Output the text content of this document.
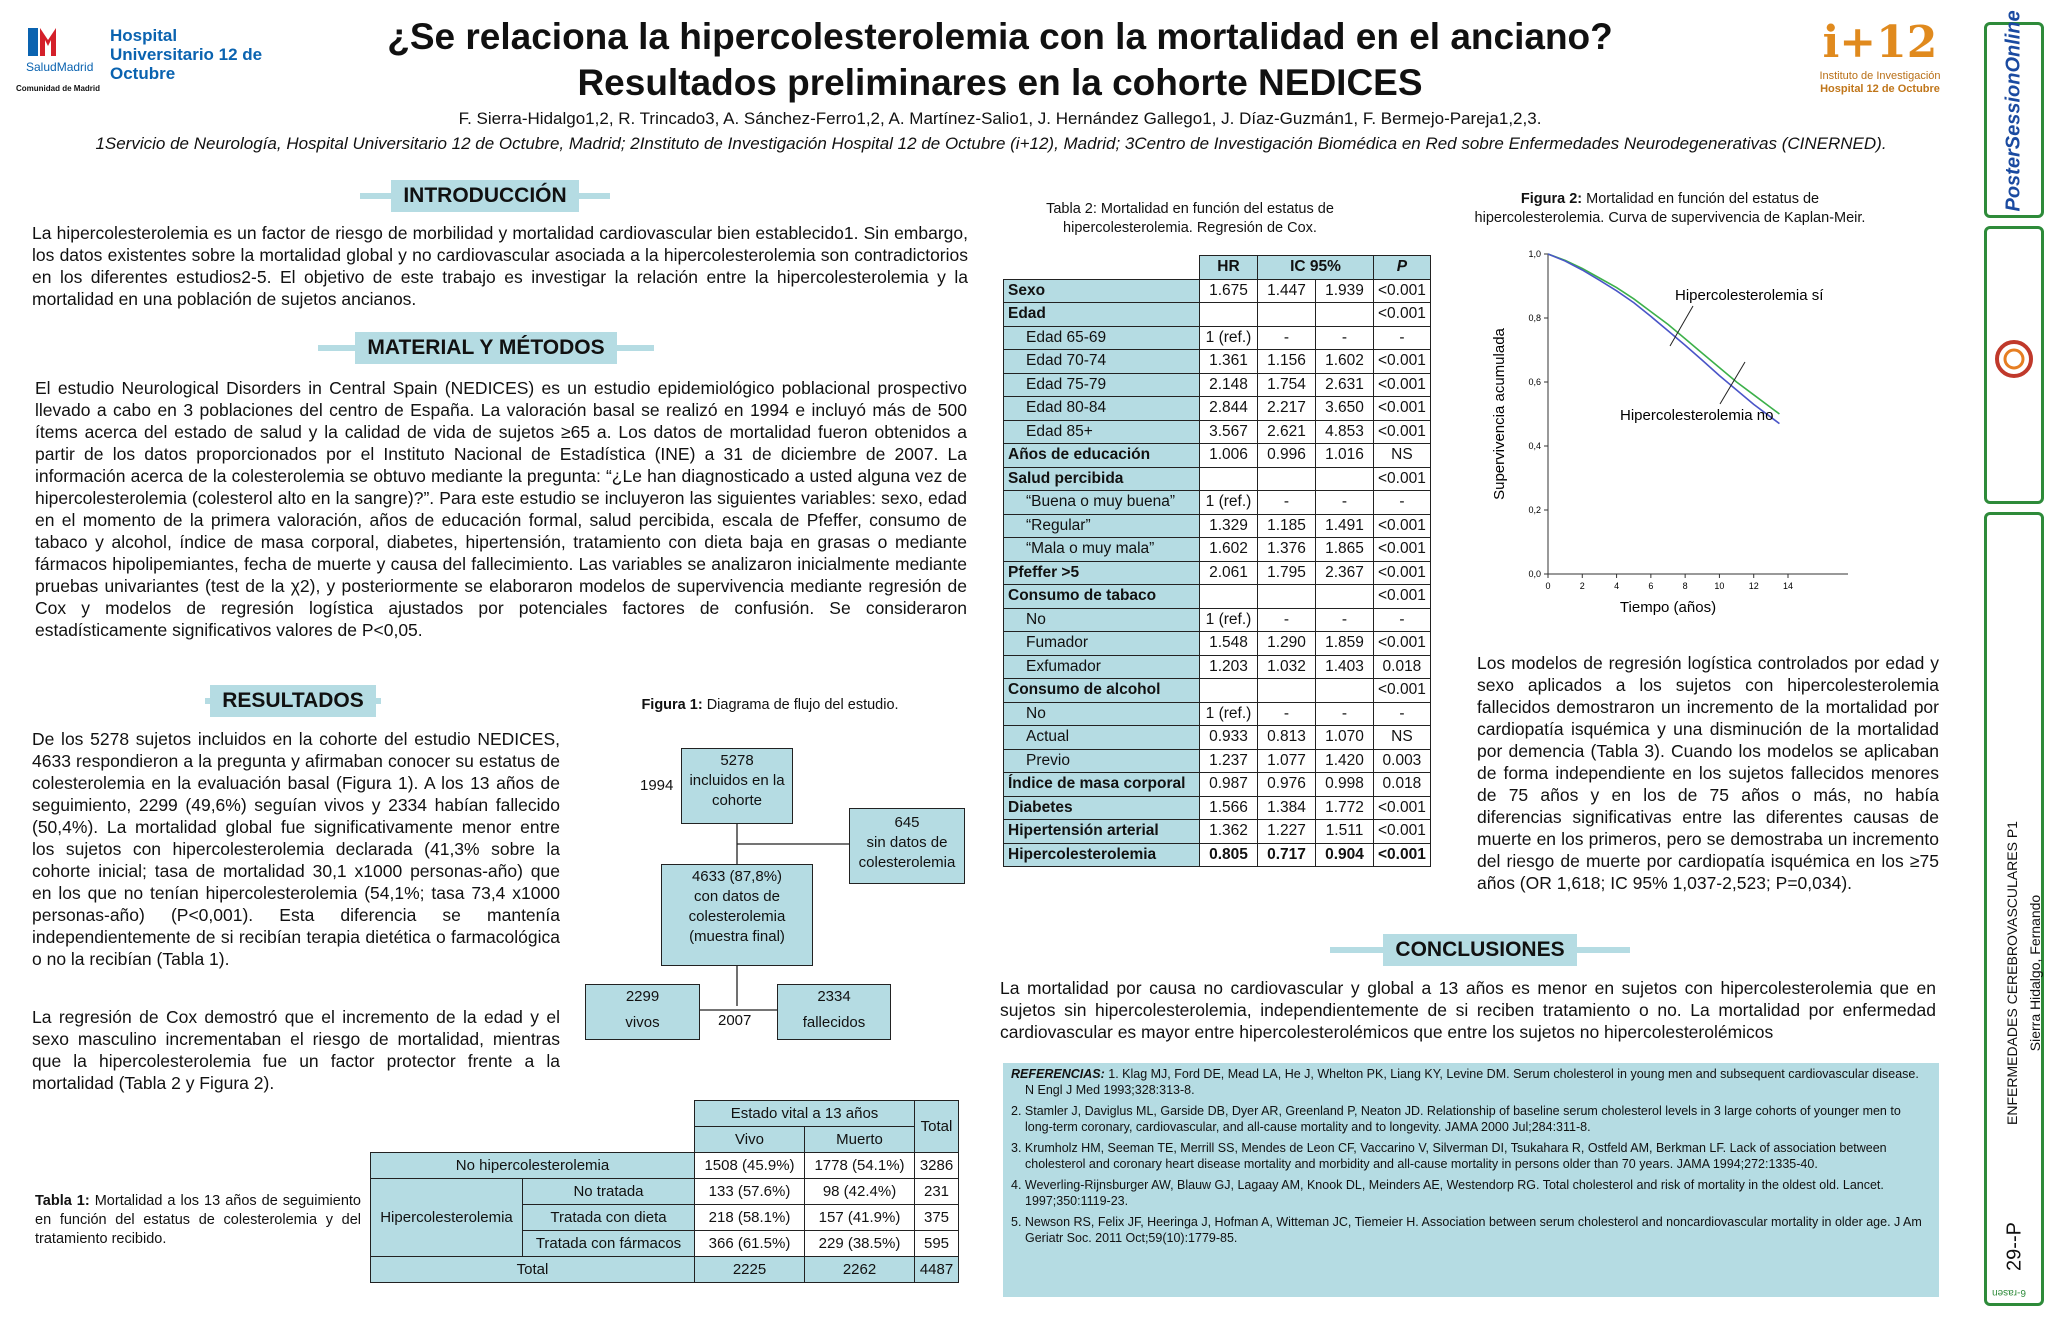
Hospital Universitario 12 de Octubre
SaludMadrid
Comunidad de Madrid
¿Se relaciona la hipercolesterolemia con la mortalidad en el anciano?
Resultados preliminares en la cohorte NEDICES
F. Sierra-Hidalgo1,2, R. Trincado3, A. Sánchez-Ferro1,2, A. Martínez-Salio1, J. Hernández Gallego1, J. Díaz-Guzmán1, F. Bermejo-Pareja1,2,3.
1Servicio de Neurología, Hospital Universitario 12 de Octubre, Madrid; 2Instituto de Investigación Hospital 12 de Octubre (i+12), Madrid; 3Centro de Investigación Biomédica en Red sobre Enfermedades Neurodegenerativas (CINERNED).
i+12
Instituto de Investigación
Hospital 12 de Octubre	PosterSessionOnline
ENFERMEDADES CEREBROVASCULARES P1 Sierra Hidalgo, Fernando
29--P
6-rasen
INTRODUCCIÓN
La hipercolesterolemia es un factor de riesgo de morbilidad y mortalidad cardiovascular bien establecido1. Sin embargo, los datos existentes sobre la mortalidad global y no cardiovascular asociada a la hipercolesterolemia son contradictorios en los diferentes estudios2-5. El objetivo de este trabajo es investigar la relación entre la hipercolesterolemia y la mortalidad en una población de sujetos ancianos.
MATERIAL Y MÉTODOS
El estudio Neurological Disorders in Central Spain (NEDICES) es un estudio epidemiológico poblacional prospectivo llevado a cabo en 3 poblaciones del centro de España. La valoración basal se realizó en 1994 e incluyó más de 500 ítems acerca del estado de salud y la calidad de vida de sujetos ≥65 a. Los datos de mortalidad fueron obtenidos a partir de los datos proporcionados por el Instituto Nacional de Estadística (INE) a 31 de diciembre de 2007. La información acerca de la colesterolemia se obtuvo mediante la pregunta: “¿Le han diagnosticado a usted alguna vez de hipercolesterolemia (colesterol alto en la sangre)?”. Para este estudio se incluyeron las siguientes variables: sexo, edad en el momento de la primera valoración, años de educación formal, salud percibida, escala de Pfeffer, consumo de tabaco y alcohol, índice de masa corporal, diabetes, hipertensión, tratamiento con dieta baja en grasas o mediante fármacos hipolipemiantes, fecha de muerte y causa del fallecimiento. Las variables se analizaron inicialmente mediante pruebas univariantes (test de la χ2), y posteriormente se elaboraron modelos de supervivencia mediante regresión de Cox y modelos de regresión logística ajustados por potenciales factores de confusión. Se consideraron estadísticamente significativos valores de P<0,05.
RESULTADOS
De los 5278 sujetos incluidos en la cohorte del estudio NEDICES, 4633 respondieron a la pregunta y afirmaban conocer su estatus de colesterolemia en la evaluación basal (Figura 1). A los 13 años de seguimiento, 2299 (49,6%) seguían vivos y 2334 habían fallecido (50,4%). La mortalidad global fue significativamente menor entre los sujetos con hipercolesterolemia declarada (41,3% sobre la cohorte inicial; tasa de mortalidad 30,1 x1000 personas-año) que en los que no tenían hipercolesterolemia (54,1%; tasa 73,4 x1000 personas-año) (P<0,001). Esta diferencia se mantenía independientemente de si recibían terapia dietética o farmacológica o no la recibían (Tabla 1).
La regresión de Cox demostró que el incremento de la edad y el sexo masculino incrementaban el riesgo de mortalidad, mientras que la hipercolesterolemia fue un factor protector frente a la mortalidad (Tabla 2 y Figura 2).
Figura 1: Diagrama de flujo del estudio.
1994
5278
incluidos en la cohorte
645
sin datos de colesterolemia
4633 (87,8%)
con datos de colesterolemia
(muestra final)
2299
vivos
2334
fallecidos
2007
Tabla 1: Mortalidad a los 13 años de seguimiento en función del estatus de colesterolemia y del tratamiento recibido.
		Estado vital a 13 años		Total
		Vivo	Muerto	
No hipercolesterolemia		1508 (45.9%)	1778 (54.1%)	3286
Hipercolesterolemia	No tratada	133 (57.6%)	98 (42.4%)	231
	Tratada con dieta	218 (58.1%)	157 (41.9%)	375
	Tratada con fármacos	366 (61.5%)	229 (38.5%)	595
Total		2225	2262	4487
Tabla 2: Mortalidad en función del estatus de hipercolesterolemia. Regresión de Cox.
	HR	IC 95%		P
Sexo	1.675	1.447	1.939	<0.001
Edad				<0.001
Edad 65-69	1 (ref.)	-	-	-
Edad 70-74	1.361	1.156	1.602	<0.001
Edad 75-79	2.148	1.754	2.631	<0.001
Edad 80-84	2.844	2.217	3.650	<0.001
Edad 85+	3.567	2.621	4.853	<0.001
Años de educación	1.006	0.996	1.016	NS
Salud percibida				<0.001
“Buena o muy buena”	1 (ref.)	-	-	-
“Regular”	1.329	1.185	1.491	<0.001
“Mala o muy mala”	1.602	1.376	1.865	<0.001
Pfeffer >5	2.061	1.795	2.367	<0.001
Consumo de tabaco				<0.001
No	1 (ref.)	-	-	-
Fumador	1.548	1.290	1.859	<0.001
Exfumador	1.203	1.032	1.403	0.018
Consumo de alcohol				<0.001
No	1 (ref.)	-	-	-
Actual	0.933	0.813	1.070	NS
Previo	1.237	1.077	1.420	0.003
Índice de masa corporal	0.987	0.976	0.998	0.018
Diabetes	1.566	1.384	1.772	<0.001
Hipertensión arterial	1.362	1.227	1.511	<0.001
Hipercolesterolemia	0.805	0.717	0.904	<0.001
Figura 2: Mortalidad en función del estatus de hipercolesterolemia. Curva de supervivencia de Kaplan-Meir.
0,0
0,2
0,4
0,6
0,8
1,0
0	2	4	6	8	10	12	14
Tiempo (años)
Supervivencia acumulada
Hipercolesterolemia sí
Hipercolesterolemia no
Los modelos de regresión logística controlados por edad y sexo aplicados a los sujetos con hipercolesterolemia fallecidos demostraron un incremento de la mortalidad por cardiopatía isquémica y una disminución de la mortalidad por demencia (Tabla 3). Cuando los modelos se aplicaban de forma independiente en los sujetos fallecidos menores de 75 años y en los de 75 años o más, no había diferencias significativas entre las diferentes causas de muerte en los primeros, pero se demostraba un incremento del riesgo de muerte por cardiopatía isquémica en los ≥75 años (OR 1,618; IC 95% 1,037-2,523; P=0,034).
CONCLUSIONES
La mortalidad por causa no cardiovascular y global a 13 años es menor en sujetos con hipercolesterolemia que en sujetos sin hipercolesterolemia, independientemente de si reciben tratamiento o no. La mortalidad por enfermedad cardiovascular es mayor entre hipercolesterolémicos que entre los sujetos no hipercolesterolémicos

REFERENCIAS: 1. Klag MJ, Ford DE, Mead LA, He J, Whelton PK, Liang KY, Levine DM. Serum cholesterol in young men and subsequent cardiovascular disease. N Engl J Med 1993;328:313-8.

2. Stamler J, Daviglus ML, Garside DB, Dyer AR, Greenland P, Neaton JD. Relationship of baseline serum cholesterol levels in 3 large cohorts of younger men to long-term coronary, cardiovascular, and all-cause mortality and to longevity. JAMA 2000 Jul;284:311-8.

3. Krumholz HM, Seeman TE, Merrill SS, Mendes de Leon CF, Vaccarino V, Silverman DI, Tsukahara R, Ostfeld AM, Berkman LF. Lack of association between cholesterol and coronary heart disease mortality and morbidity and all-cause mortality in persons older than 70 years. JAMA 1994;272:1335-40.

4. Weverling-Rijnsburger AW, Blauw GJ, Lagaay AM, Knook DL, Meinders AE, Westendorp RG. Total cholesterol and risk of mortality in the oldest old. Lancet. 1997;350:1119-23.

5. Newson RS, Felix JF, Heeringa J, Hofman A, Witteman JC, Tiemeier H. Association between serum cholesterol and noncardiovascular mortality in older age. J Am Geriatr Soc. 2011 Oct;59(10):1779-85.
